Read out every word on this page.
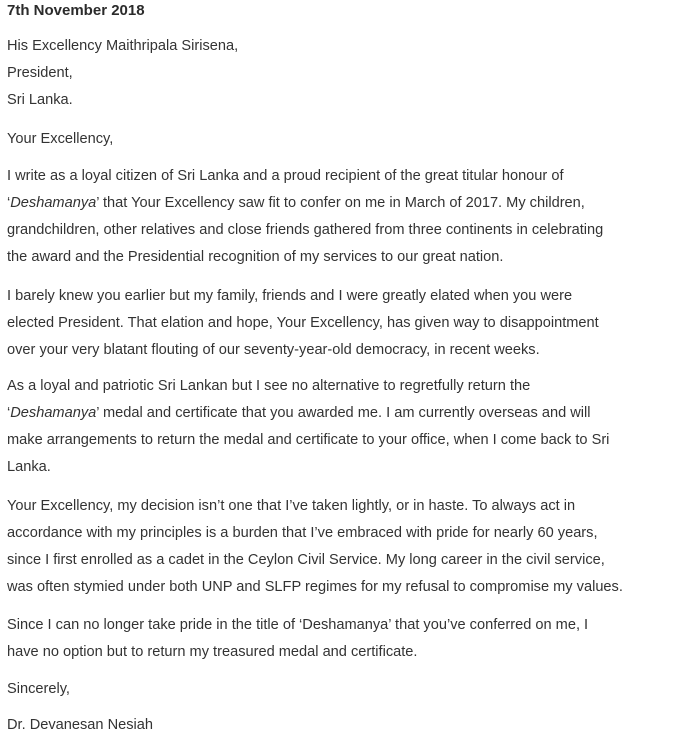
7th November 2018
His Excellency Maithripala Sirisena,
President,
Sri Lanka.
Your Excellency,
I write as a loyal citizen of Sri Lanka and a proud recipient of the great titular honour of
‘Deshamanya’ that Your Excellency saw fit to confer on me in March of 2017. My children,
grandchildren, other relatives and close friends gathered from three continents in celebrating
the award and the Presidential recognition of my services to our great nation.
I barely knew you earlier but my family, friends and I were greatly elated when you were
elected President. That elation and hope, Your Excellency, has given way to disappointment
over your very blatant flouting of our seventy-year-old democracy, in recent weeks.
As a loyal and patriotic Sri Lankan but I see no alternative to regretfully return the
‘Deshamanya’ medal and certificate that you awarded me. I am currently overseas and will
make arrangements to return the medal and certificate to your office, when I come back to Sri
Lanka.
Your Excellency, my decision isn’t one that I’ve taken lightly, or in haste. To always act in
accordance with my principles is a burden that I’ve embraced with pride for nearly 60 years,
since I first enrolled as a cadet in the Ceylon Civil Service. My long career in the civil service,
was often stymied under both UNP and SLFP regimes for my refusal to compromise my values.
Since I can no longer take pride in the title of ‘Deshamanya’ that you’ve conferred on me, I
have no option but to return my treasured medal and certificate.
Sincerely,
Dr. Devanesan Nesiah
